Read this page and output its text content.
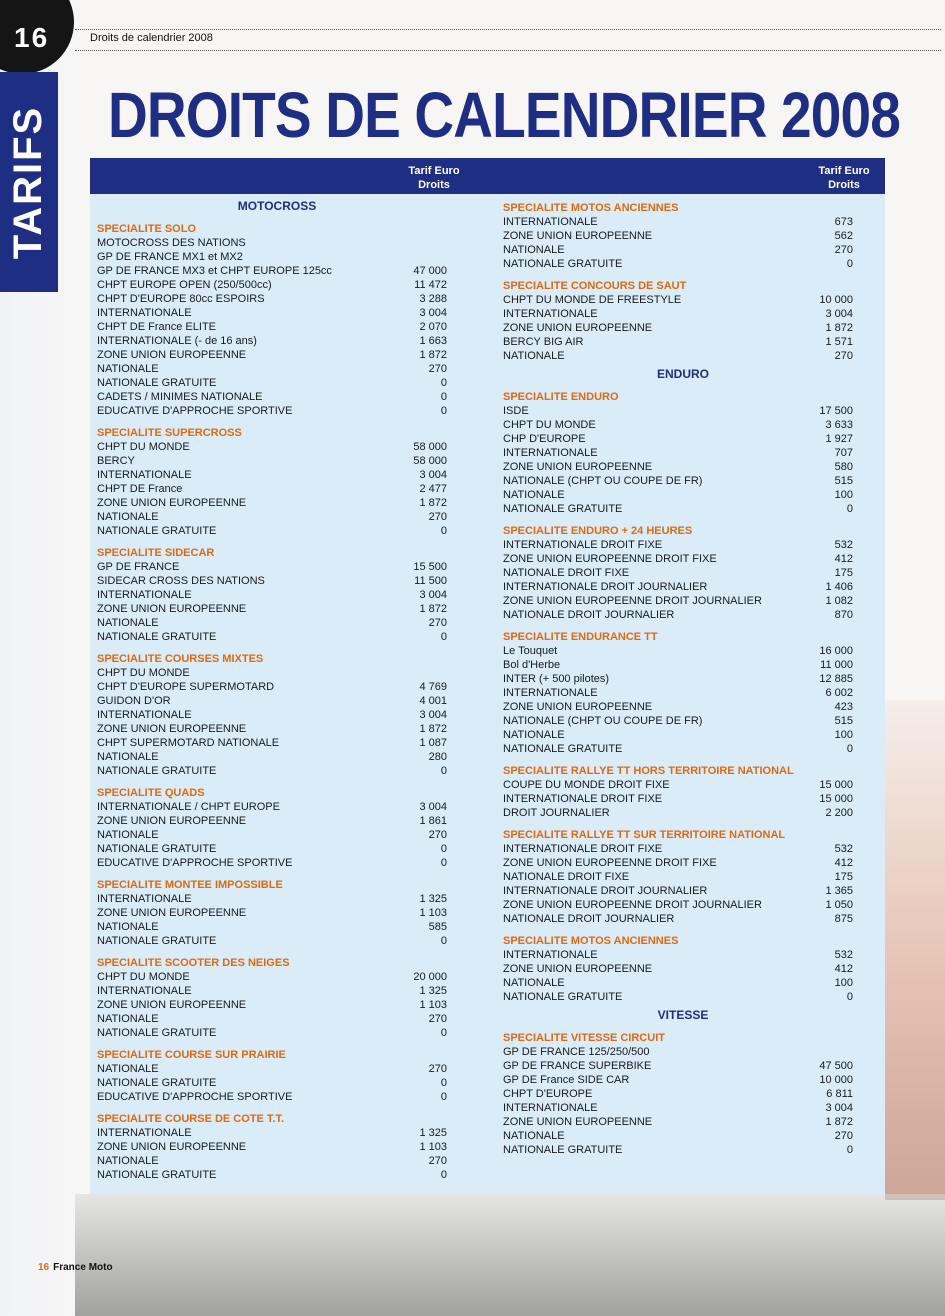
16
TARIFS
Droits de calendrier 2008
DROITS DE CALENDRIER 2008
Tarif Euro
Droits
Tarif Euro
Droits
MOTOCROSS
SPECIALITE SOLO
MOTOCROSS DES NATIONS
GP DE FRANCE MX1 et MX2
GP DE FRANCE MX3 et CHPT EUROPE 125cc	47 000
CHPT EUROPE OPEN (250/500cc)	11 472
CHPT D'EUROPE 80cc ESPOIRS	3 288
INTERNATIONALE	3 004
CHPT DE France ELITE	2 070
INTERNATIONALE (- de 16 ans)	1 663
ZONE UNION EUROPEENNE	1 872
NATIONALE	270
NATIONALE GRATUITE	0
CADETS / MINIMES NATIONALE	0
EDUCATIVE D'APPROCHE SPORTIVE	0
SPECIALITE SUPERCROSS
CHPT DU MONDE	58 000
BERCY	58 000
INTERNATIONALE	3 004
CHPT DE France	2 477
ZONE UNION EUROPEENNE	1 872
NATIONALE	270
NATIONALE GRATUITE	0
SPECIALITE SIDECAR
GP DE FRANCE	15 500
SIDECAR CROSS DES NATIONS	11 500
INTERNATIONALE	3 004
ZONE UNION EUROPEENNE	1 872
NATIONALE	270
NATIONALE GRATUITE	0
SPECIALITE COURSES MIXTES
CHPT DU MONDE
CHPT D'EUROPE SUPERMOTARD	4 769
GUIDON D'OR	4 001
INTERNATIONALE	3 004
ZONE UNION EUROPEENNE	1 872
CHPT SUPERMOTARD NATIONALE	1 087
NATIONALE	280
NATIONALE GRATUITE	0
SPECIALITE QUADS
INTERNATIONALE / CHPT EUROPE	3 004
ZONE UNION EUROPEENNE	1 861
NATIONALE	270
NATIONALE GRATUITE	0
EDUCATIVE D'APPROCHE SPORTIVE	0
SPECIALITE MONTEE IMPOSSIBLE
INTERNATIONALE	1 325
ZONE UNION EUROPEENNE	1 103
NATIONALE	585
NATIONALE GRATUITE	0
SPECIALITE SCOOTER DES NEIGES
CHPT DU MONDE	20 000
INTERNATIONALE	1 325
ZONE UNION EUROPEENNE	1 103
NATIONALE	270
NATIONALE GRATUITE	0
SPECIALITE COURSE SUR PRAIRIE
NATIONALE	270
NATIONALE GRATUITE	0
EDUCATIVE D'APPROCHE SPORTIVE	0
SPECIALITE COURSE DE COTE T.T.
INTERNATIONALE	1 325
ZONE UNION EUROPEENNE	1 103
NATIONALE	270
NATIONALE GRATUITE	0
SPECIALITE MOTOS ANCIENNES
INTERNATIONALE	673
ZONE UNION EUROPEENNE	562
NATIONALE	270
NATIONALE GRATUITE	0
SPECIALITE CONCOURS DE SAUT
CHPT DU MONDE DE FREESTYLE	10 000
INTERNATIONALE	3 004
ZONE UNION EUROPEENNE	1 872
BERCY BIG AIR	1 571
NATIONALE	270
ENDURO
SPECIALITE ENDURO
ISDE	17 500
CHPT DU MONDE	3 633
CHP D'EUROPE	1 927
INTERNATIONALE	707
ZONE UNION EUROPEENNE	580
NATIONALE (CHPT OU COUPE DE FR)	515
NATIONALE	100
NATIONALE GRATUITE	0
SPECIALITE ENDURO + 24 HEURES
INTERNATIONALE DROIT FIXE	532
ZONE UNION EUROPEENNE DROIT FIXE	412
NATIONALE DROIT FIXE	175
INTERNATIONALE DROIT JOURNALIER	1 406
ZONE UNION EUROPEENNE DROIT JOURNALIER	1 082
NATIONALE DROIT JOURNALIER	870
SPECIALITE ENDURANCE TT
Le Touquet	16 000
Bol d'Herbe	11 000
INTER (+ 500 pilotes)	12 885
INTERNATIONALE	6 002
ZONE UNION EUROPEENNE	423
NATIONALE (CHPT OU COUPE DE FR)	515
NATIONALE	100
NATIONALE GRATUITE	0
SPECIALITE RALLYE TT HORS TERRITOIRE NATIONAL
COUPE DU MONDE DROIT FIXE	15 000
INTERNATIONALE DROIT FIXE	15 000
DROIT JOURNALIER	2 200
SPECIALITE RALLYE TT SUR TERRITOIRE NATIONAL
INTERNATIONALE DROIT FIXE	532
ZONE UNION EUROPEENNE DROIT FIXE	412
NATIONALE DROIT FIXE	175
INTERNATIONALE DROIT JOURNALIER	1 365
ZONE UNION EUROPEENNE DROIT JOURNALIER	1 050
NATIONALE DROIT JOURNALIER	875
SPECIALITE MOTOS ANCIENNES
INTERNATIONALE	532
ZONE UNION EUROPEENNE	412
NATIONALE	100
NATIONALE GRATUITE	0
VITESSE
SPECIALITE VITESSE CIRCUIT
GP DE FRANCE 125/250/500
GP DE FRANCE SUPERBIKE	47 500
GP DE France SIDE CAR	10 000
CHPT D'EUROPE	6 811
INTERNATIONALE	3 004
ZONE UNION EUROPEENNE	1 872
NATIONALE	270
NATIONALE GRATUITE	0
16 France Moto
